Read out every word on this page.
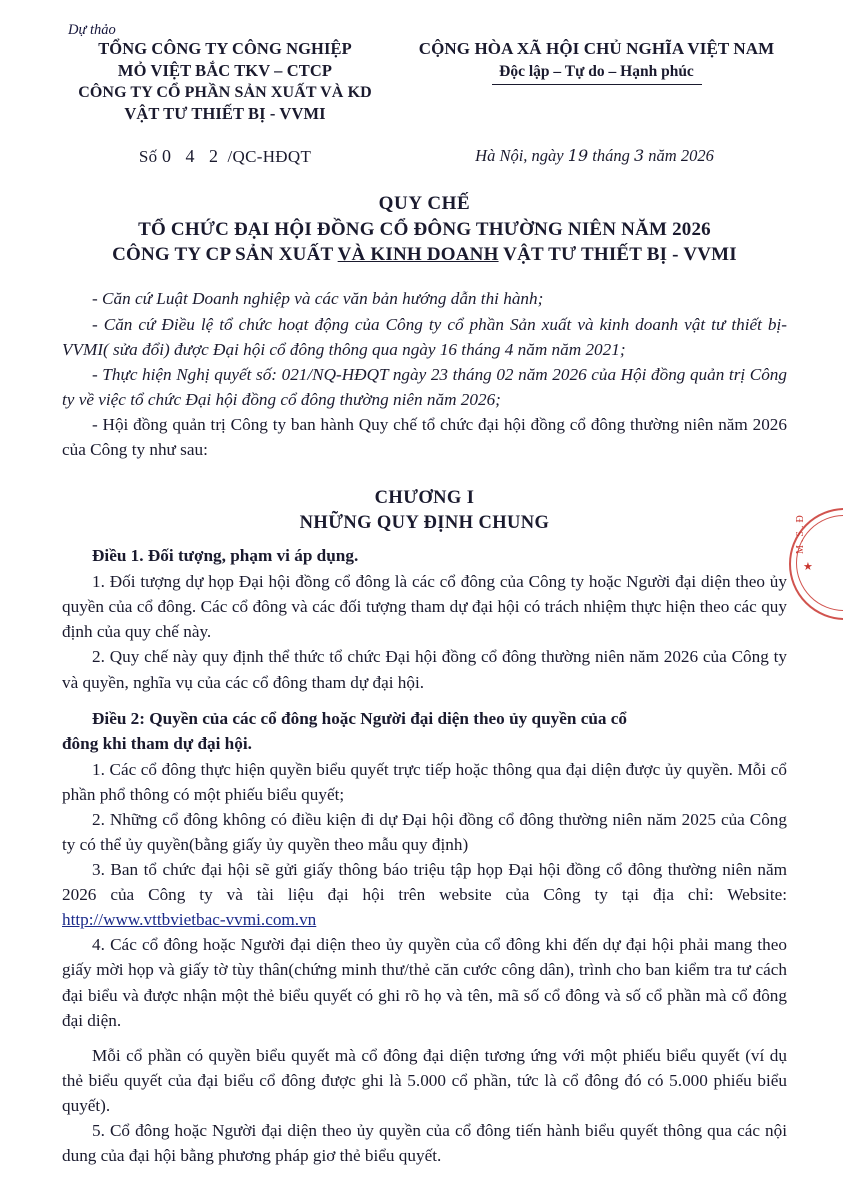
Dự thảo
TỔNG CÔNG TY CÔNG NGHIỆP
MỎ VIỆT BẮC TKV – CTCP
CÔNG TY CỔ PHẦN SẢN XUẤT VÀ KD
VẬT TƯ THIẾT BỊ - VVMI
CỘNG HÒA XÃ HỘI CHỦ NGHĨA VIỆT NAM
Độc lập – Tự do – Hạnh phúc
Số 0 4 2 /QC-HĐQT	Hà Nội, ngày 19 tháng 3 năm 2026
QUY CHẾ
TỔ CHỨC ĐẠI HỘI ĐỒNG CỔ ĐÔNG THƯỜNG NIÊN NĂM 2026
CÔNG TY CP SẢN XUẤT VÀ KINH DOANH VẬT TƯ THIẾT BỊ - VVMI

- Căn cứ Luật Doanh nghiệp và các văn bản hướng dẫn thi hành;

- Căn cứ Điều lệ tổ chức hoạt động của Công ty cổ phần Sản xuất và kinh doanh vật tư thiết bị-VVMI( sửa đổi) được Đại hội cổ đông thông qua ngày 16 tháng 4 năm năm 2021;

- Thực hiện Nghị quyết số: 021/NQ-HĐQT ngày 23 tháng 02 năm 2026 của Hội đồng quản trị Công ty về việc tổ chức Đại hội đồng cổ đông thường niên năm 2026;

- Hội đồng quản trị Công ty ban hành Quy chế tổ chức đại hội đồng cổ đông thường niên năm 2026 của Công ty như sau:

CHƯƠNG I
NHỮNG QUY ĐỊNH CHUNG
Điều 1. Đối tượng, phạm vi áp dụng.

1. Đối tượng dự họp Đại hội đồng cổ đông là các cổ đông của Công ty hoặc Người đại diện theo ủy quyền của cổ đông. Các cổ đông và các đối tượng tham dự đại hội có trách nhiệm thực hiện theo các quy định của quy chế này.

2. Quy chế này quy định thể thức tổ chức Đại hội đồng cổ đông thường niên năm 2026 của Công ty và quyền, nghĩa vụ của các cổ đông tham dự đại hội.

Điều 2: Quyền của các cổ đông hoặc Người đại diện theo ủy quyền của cổ
đông khi tham dự đại hội.

1. Các cổ đông thực hiện quyền biểu quyết trực tiếp hoặc thông qua đại diện được ủy quyền. Mỗi cổ phần phổ thông có một phiếu biểu quyết;

2. Những cổ đông không có điều kiện đi dự Đại hội đồng cổ đông thường niên năm 2025 của Công ty có thể ủy quyền(bằng giấy ủy quyền theo mẫu quy định)

3. Ban tổ chức đại hội sẽ gửi giấy thông báo triệu tập họp Đại hội đồng cổ đông thường niên năm 2026 của Công ty và tài liệu đại hội trên website của Công ty tại địa chỉ: Website: http://www.vttbvietbac-vvmi.com.vn

4. Các cổ đông hoặc Người đại diện theo ủy quyền của cổ đông khi đến dự đại hội phải mang theo giấy mời họp và giấy tờ tùy thân(chứng minh thư/thẻ căn cước công dân), trình cho ban kiểm tra tư cách đại biểu và được nhận một thẻ biểu quyết có ghi rõ họ và tên, mã số cổ đông và số cổ phần mà cổ đông đại diện.

Mỗi cổ phần có quyền biểu quyết mà cổ đông đại diện tương ứng với một phiếu biểu quyết (ví dụ thẻ biểu quyết của đại biểu cổ đông được ghi là 5.000 cổ phần, tức là cổ đông đó có 5.000 phiếu biểu quyết).

5. Cổ đông hoặc Người đại diện theo ủy quyền của cổ đông tiến hành biểu quyết thông qua các nội dung của đại hội bằng phương pháp giơ thẻ biểu quyết.

★
M.S.Đ
